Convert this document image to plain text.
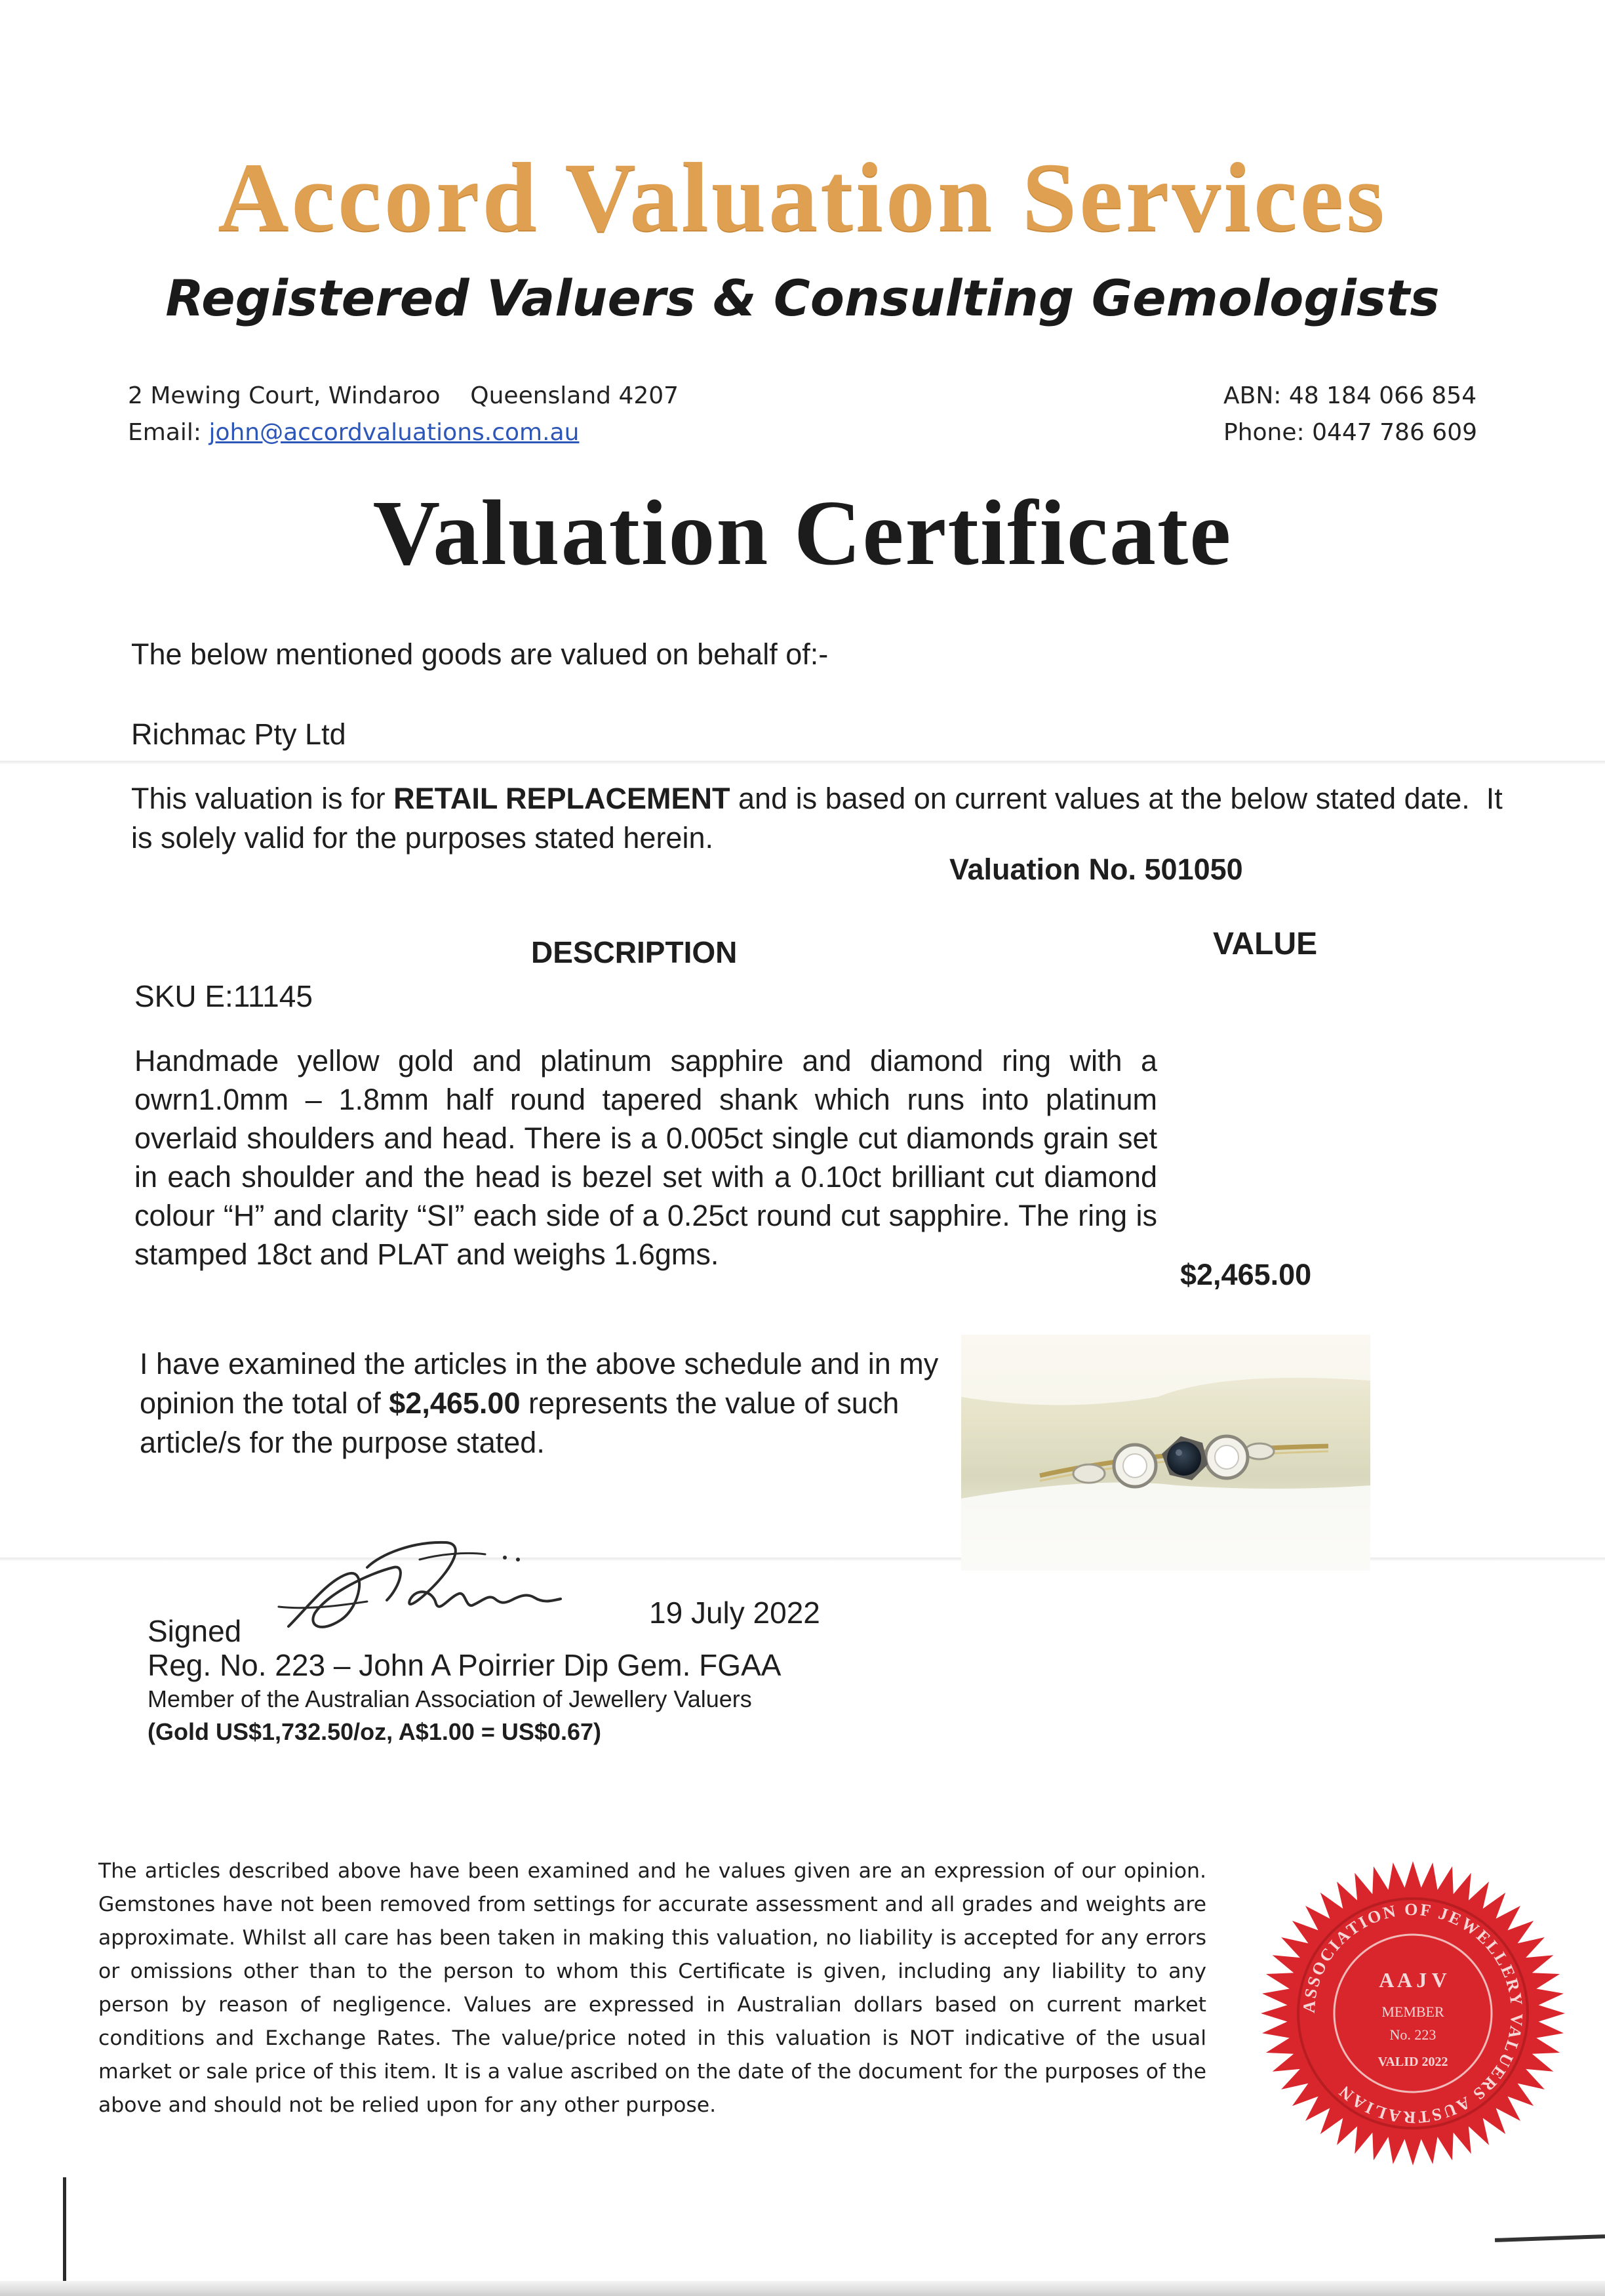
Accord Valuation Services
Registered Valuers & Consulting Gemologists
2 Mewing Court, Windaroo    Queensland 4207
Email: john@accordvaluations.com.au
ABN: 48 184 066 854
Phone: 0447 786 609
Valuation Certificate
The below mentioned goods are valued on behalf of:-
Richmac Pty Ltd
This valuation is for RETAIL REPLACEMENT and is based on current values at the below stated date.  It is solely valid for the purposes stated herein.
Valuation No. 501050
DESCRIPTION	VALUE
SKU E:11145
Handmade yellow gold and platinum sapphire and diamond ring with a owrn1.0mm – 1.8mm half round tapered shank which runs into platinum overlaid shoulders and head. There is a 0.005ct single cut diamonds grain set in each shoulder and the head is bezel set with a 0.10ct brilliant cut diamond colour “H” and clarity “SI” each side of a 0.25ct round cut sapphire. The ring is stamped 18ct and PLAT and weighs 1.6gms.
$2,465.00
I have examined the articles in the above schedule and in my opinion the total of $2,465.00 represents the value of such article/s for the purpose stated.
Signed
19 July 2022
Reg. No. 223 – John A Poirrier Dip Gem. FGAA
Member of the Australian Association of Jewellery Valuers
(Gold US$1,732.50/oz, A$1.00 = US$0.67)
The articles described above have been examined and he values given are an expression of our opinion. Gemstones have not been removed from settings for accurate assessment and all grades and weights are approximate. Whilst all care has been taken in making this valuation, no liability is accepted for any errors or omissions other than to the person to whom this Certificate is given, including any liability to any person by reason of negligence. Values are expressed in Australian dollars based on current market conditions and Exchange Rates. The value/price noted in this valuation is NOT indicative of the usual market or sale price of this item. It is a value ascribed on the date of the document for the purposes of the above and should not be relied upon for any other purpose.
ASSOCIATION OF JEWELLERY VALUERS AUSTRALIAN
A A J V
MEMBER
No. 223
VALID 2022
